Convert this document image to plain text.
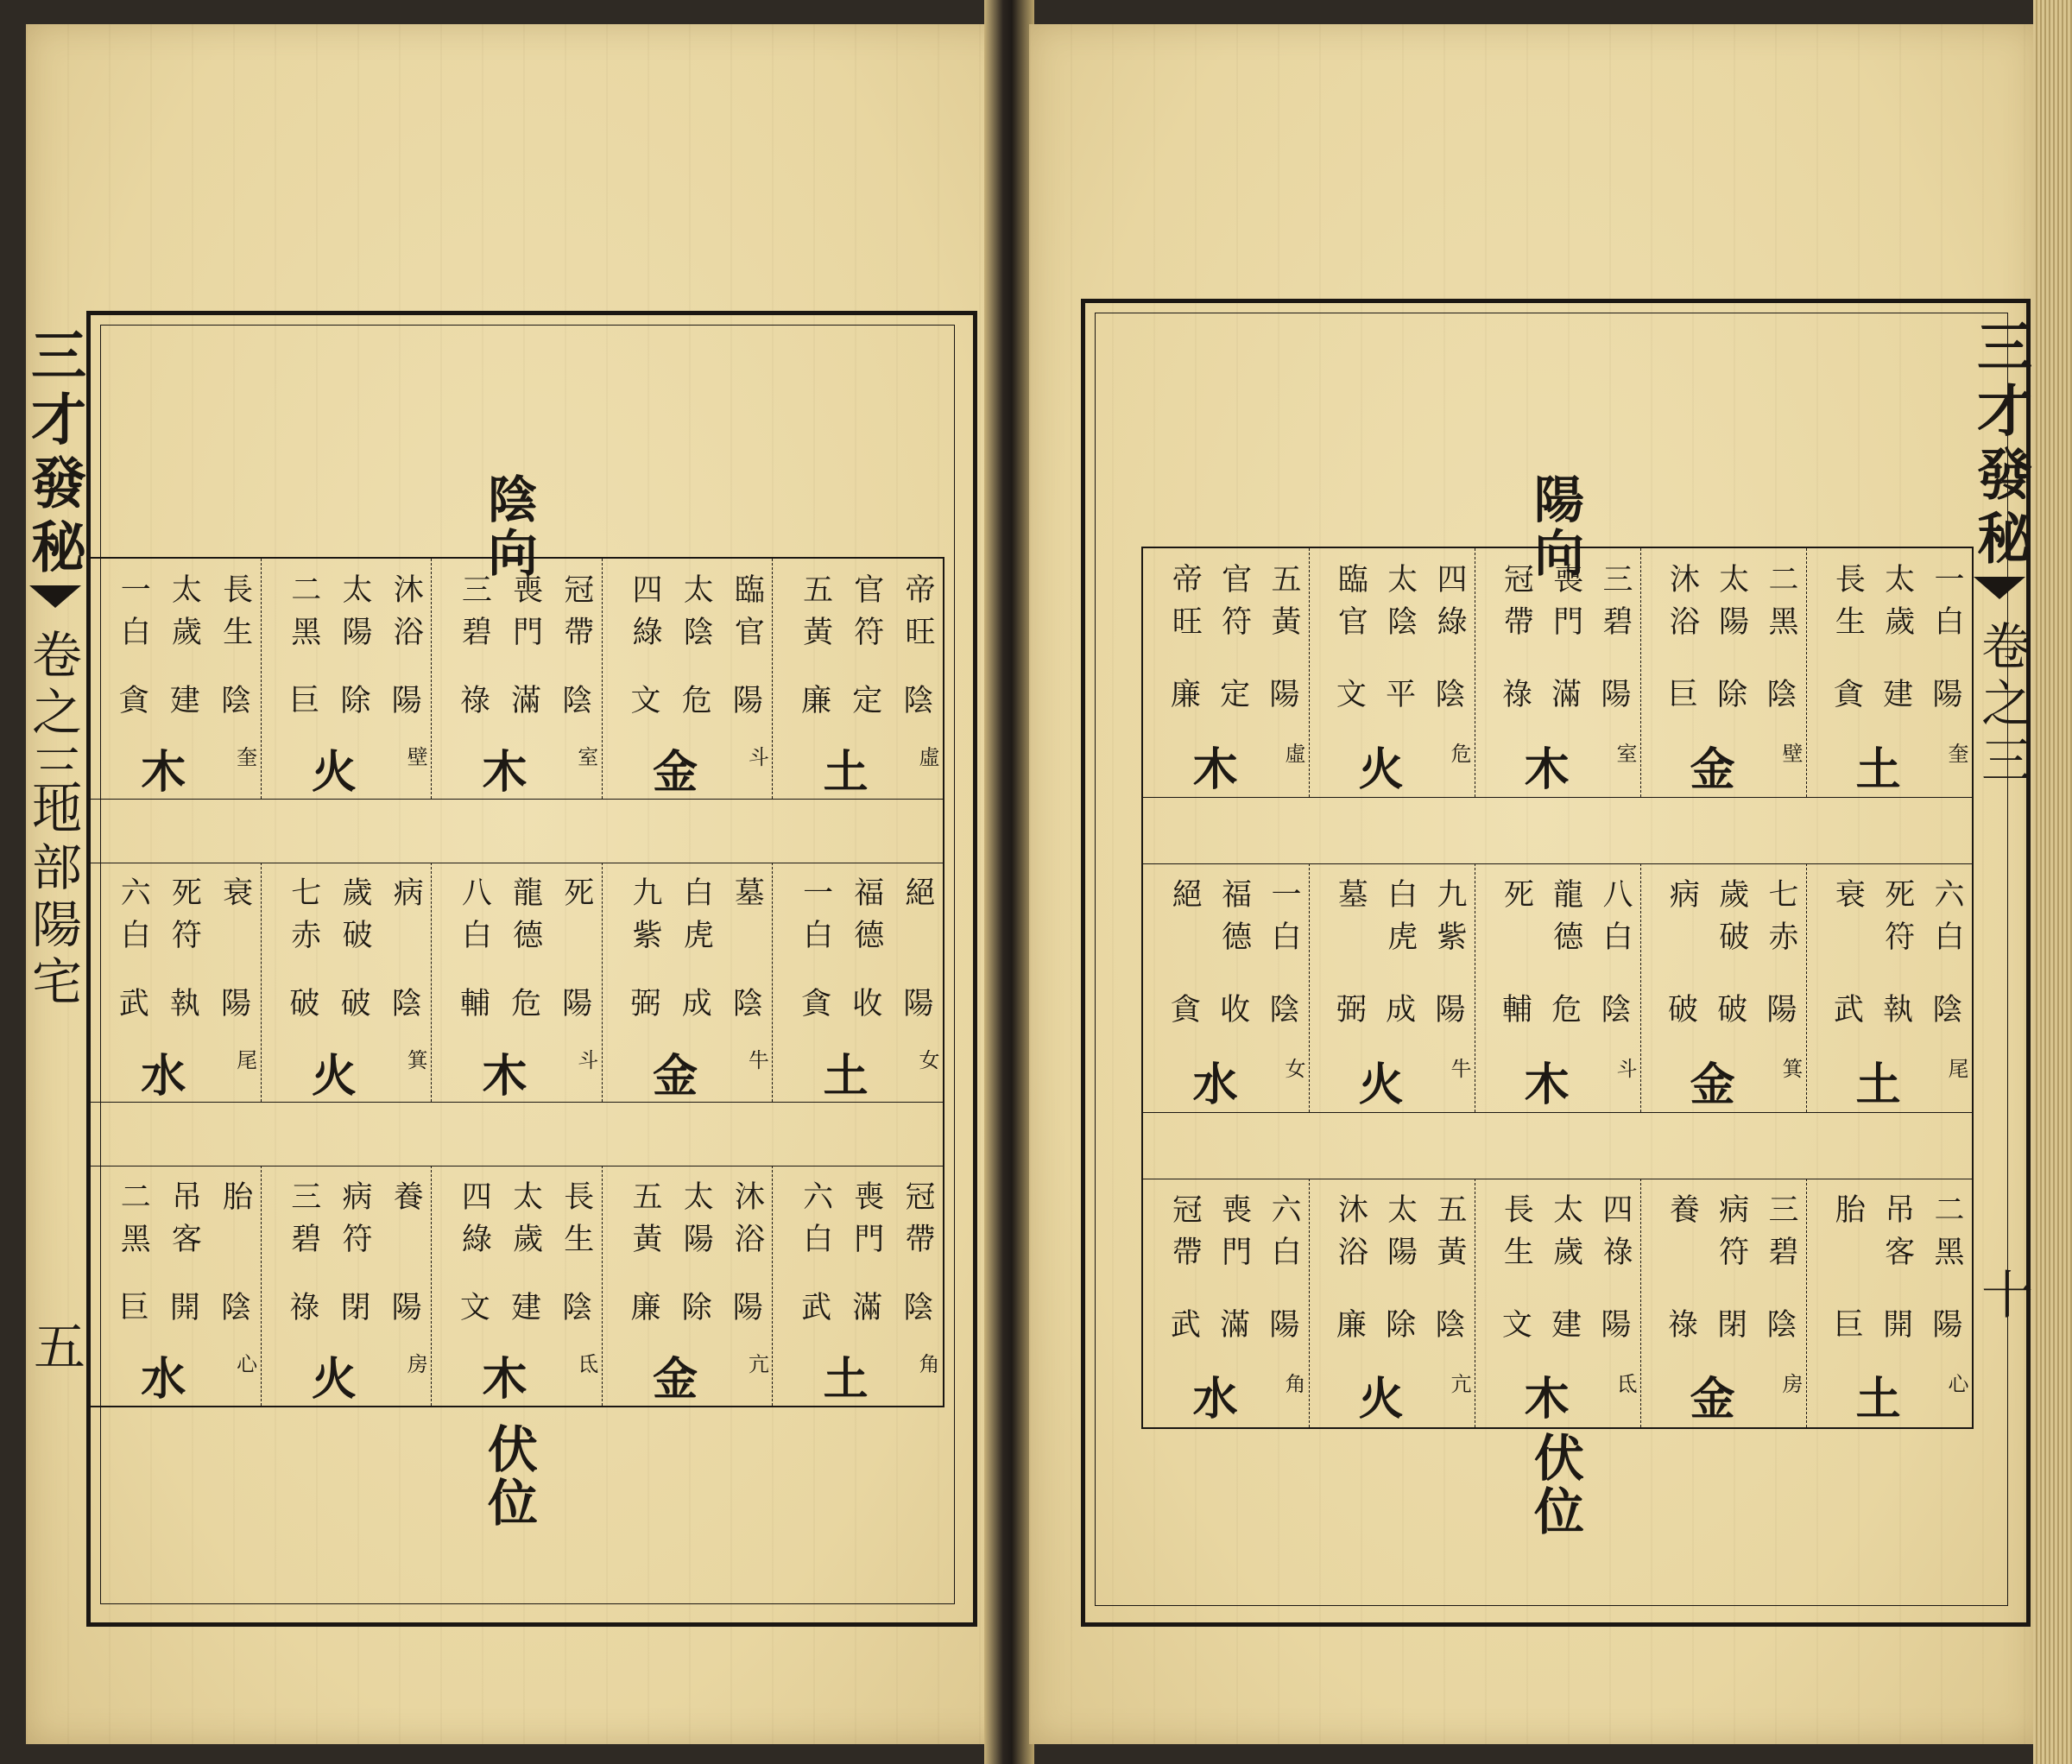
三才發秘
卷之三
地部陽宅
五
陰向
伏位
帝旺
官符
五黃
陰
定
廉
虛
土
臨官
太陰
四綠
陽
危
文
斗
金
冠帶
喪門
三碧
陰
滿
祿
室
木
沐浴
太陽
二黑
陽
除
巨
壁
火
長生
太歲
一白
陰
建
貪
奎
木
絕
福德
一白
陽
收
貪
女
土
墓
白虎
九紫
陰
成
弼
牛
金
死
龍德
八白
陽
危
輔
斗
木
病
歲破
七赤
陰
破
破
箕
火
衰
死符
六白
陽
執
武
尾
水
冠帶
喪門
六白
陰
滿
武
角
土
沐浴
太陽
五黃
陽
除
廉
亢
金
長生
太歲
四綠
陰
建
文
氐
木
養
病符
三碧
陽
閉
祿
房
火
胎
吊客
二黑
陰
開
巨
心
水
三才發秘
卷之三
十
陽向
伏位
一白
太歲
長生
陽
建
貪
奎
土
二黑
太陽
沐浴
陰
除
巨
壁
金
三碧
喪門
冠帶
陽
滿
祿
室
木
四綠
太陰
臨官
陰
平
文
危
火
五黃
官符
帝旺
陽
定
廉
虛
木
六白
死符
衰
陰
執
武
尾
土
七赤
歲破
病
陽
破
破
箕
金
八白
龍德
死
陰
危
輔
斗
木
九紫
白虎
墓
陽
成
弼
牛
火
一白
福德
絕
陰
收
貪
女
水
二黑
吊客
胎
陽
開
巨
心
土
三碧
病符
養
陰
閉
祿
房
金
四祿
太歲
長生
陽
建
文
氐
木
五黃
太陽
沐浴
陰
除
廉
亢
火
六白
喪門
冠帶
陽
滿
武
角
水
